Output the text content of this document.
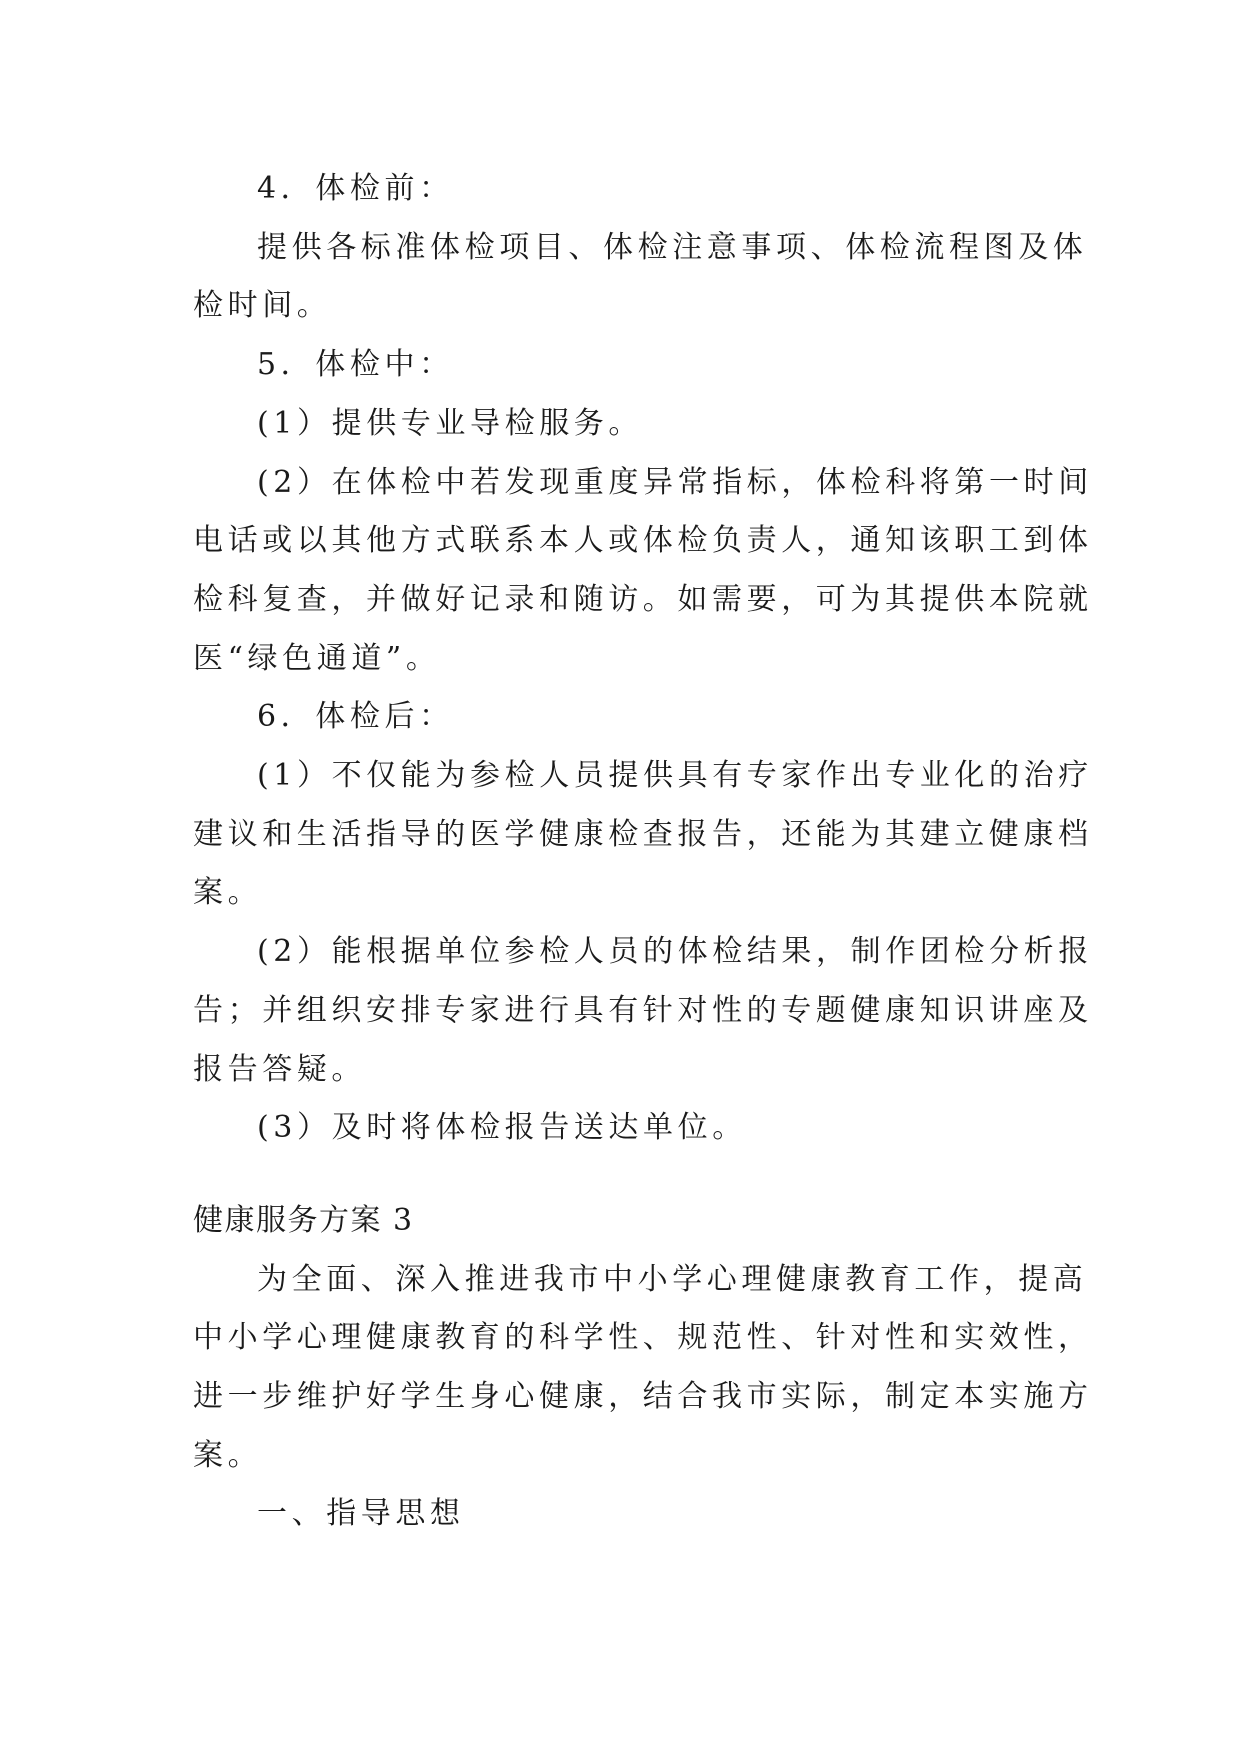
4．体检前：

提供各标准体检项目、体检注意事项、体检流程图及体

检时间。

5．体检中：

(1）提供专业导检服务。

(2）在体检中若发现重度异常指标，体检科将第一时间

电话或以其他方式联系本人或体检负责人，通知该职工到体

检科复查，并做好记录和随访。如需要，可为其提供本院就

医“绿色通道”。

6．体检后：

(1）不仅能为参检人员提供具有专家作出专业化的治疗

建议和生活指导的医学健康检查报告，还能为其建立健康档

案。

(2）能根据单位参检人员的体检结果，制作团检分析报

告；并组织安排专家进行具有针对性的专题健康知识讲座及

报告答疑。

(3）及时将体检报告送达单位。

健康服务方案 3

为全面、深入推进我市中小学心理健康教育工作，提高

中小学心理健康教育的科学性、规范性、针对性和实效性，

进一步维护好学生身心健康，结合我市实际，制定本实施方

案。

一、指导思想
